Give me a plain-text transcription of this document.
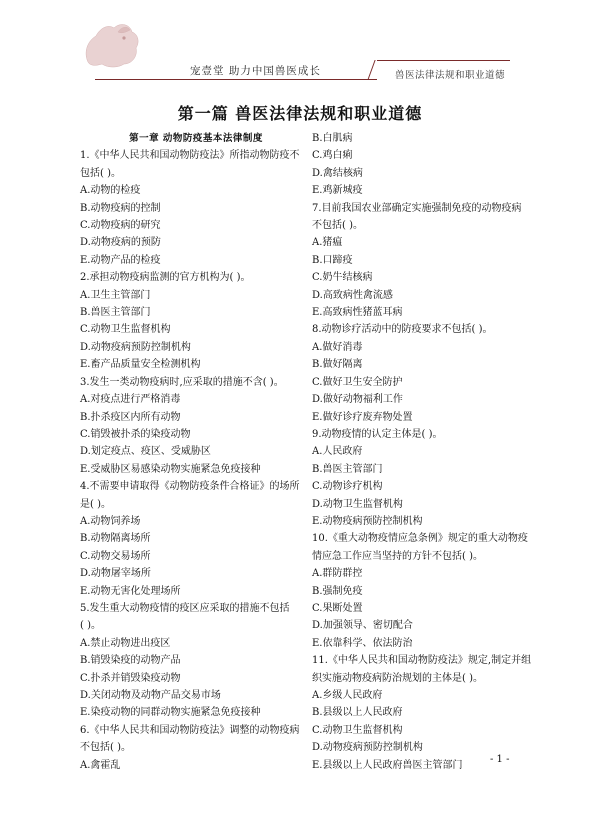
宠壹堂 助力中国兽医成长	兽医法律法规和职业道德
第一篇 兽医法律法规和职业道德
第一章 动物防疫基本法律制度
1.《中华人民共和国动物防疫法》所指动物防疫不
包括( )。
A.动物的检疫
B.动物疫病的控制
C.动物疫病的研究
D.动物疫病的预防
E.动物产品的检疫
2.承担动物疫病监测的官方机构为( )。
A.卫生主管部门
B.兽医主管部门
C.动物卫生监督机构
D.动物疫病预防控制机构
E.畜产品质量安全检测机构
3.发生一类动物疫病时,应采取的措施不含( )。
A.对疫点进行严格消毒
B.扑杀疫区内所有动物
C.销毁被扑杀的染疫动物
D.划定疫点、疫区、受威胁区
E.受威胁区易感染动物实施紧急免疫接种
4.不需要申请取得《动物防疫条件合格证》的场所
是( )。
A.动物饲养场
B.动物隔离场所
C.动物交易场所
D.动物屠宰场所
E.动物无害化处理场所
5.发生重大动物疫情的疫区应采取的措施不包括
( )。
A.禁止动物进出疫区
B.销毁染疫的动物产品
C.扑杀并销毁染疫动物
D.关闭动物及动物产品交易市场
E.染疫动物的同群动物实施紧急免疫接种
6.《中华人民共和国动物防疫法》调整的动物疫病
不包括( )。
A.禽霍乱
B.白肌病
C.鸡白痢
D.禽结核病
E.鸡新城疫
7.目前我国农业部确定实施强制免疫的动物疫病
不包括( )。
A.猪瘟
B.口蹄疫
C.奶牛结核病
D.高致病性禽流感
E.高致病性猪蓝耳病
8.动物诊疗活动中的防疫要求不包括( )。
A.做好消毒
B.做好隔离
C.做好卫生安全防护
D.做好动物福利工作
E.做好诊疗废弃物处置
9.动物疫情的认定主体是( )。
A.人民政府
B.兽医主管部门
C.动物诊疗机构
D.动物卫生监督机构
E.动物疫病预防控制机构
10.《重大动物疫情应急条例》规定的重大动物疫
情应急工作应当坚持的方针不包括( )。
A.群防群控
B.强制免疫
C.果断处置
D.加强领导、密切配合
E.依靠科学、依法防治
11.《中华人民共和国动物防疫法》规定,制定并组
织实施动物疫病防治规划的主体是( )。
A.乡级人民政府
B.县级以上人民政府
C.动物卫生监督机构
D.动物疫病预防控制机构
E.县级以上人民政府兽医主管部门
- 1 -
